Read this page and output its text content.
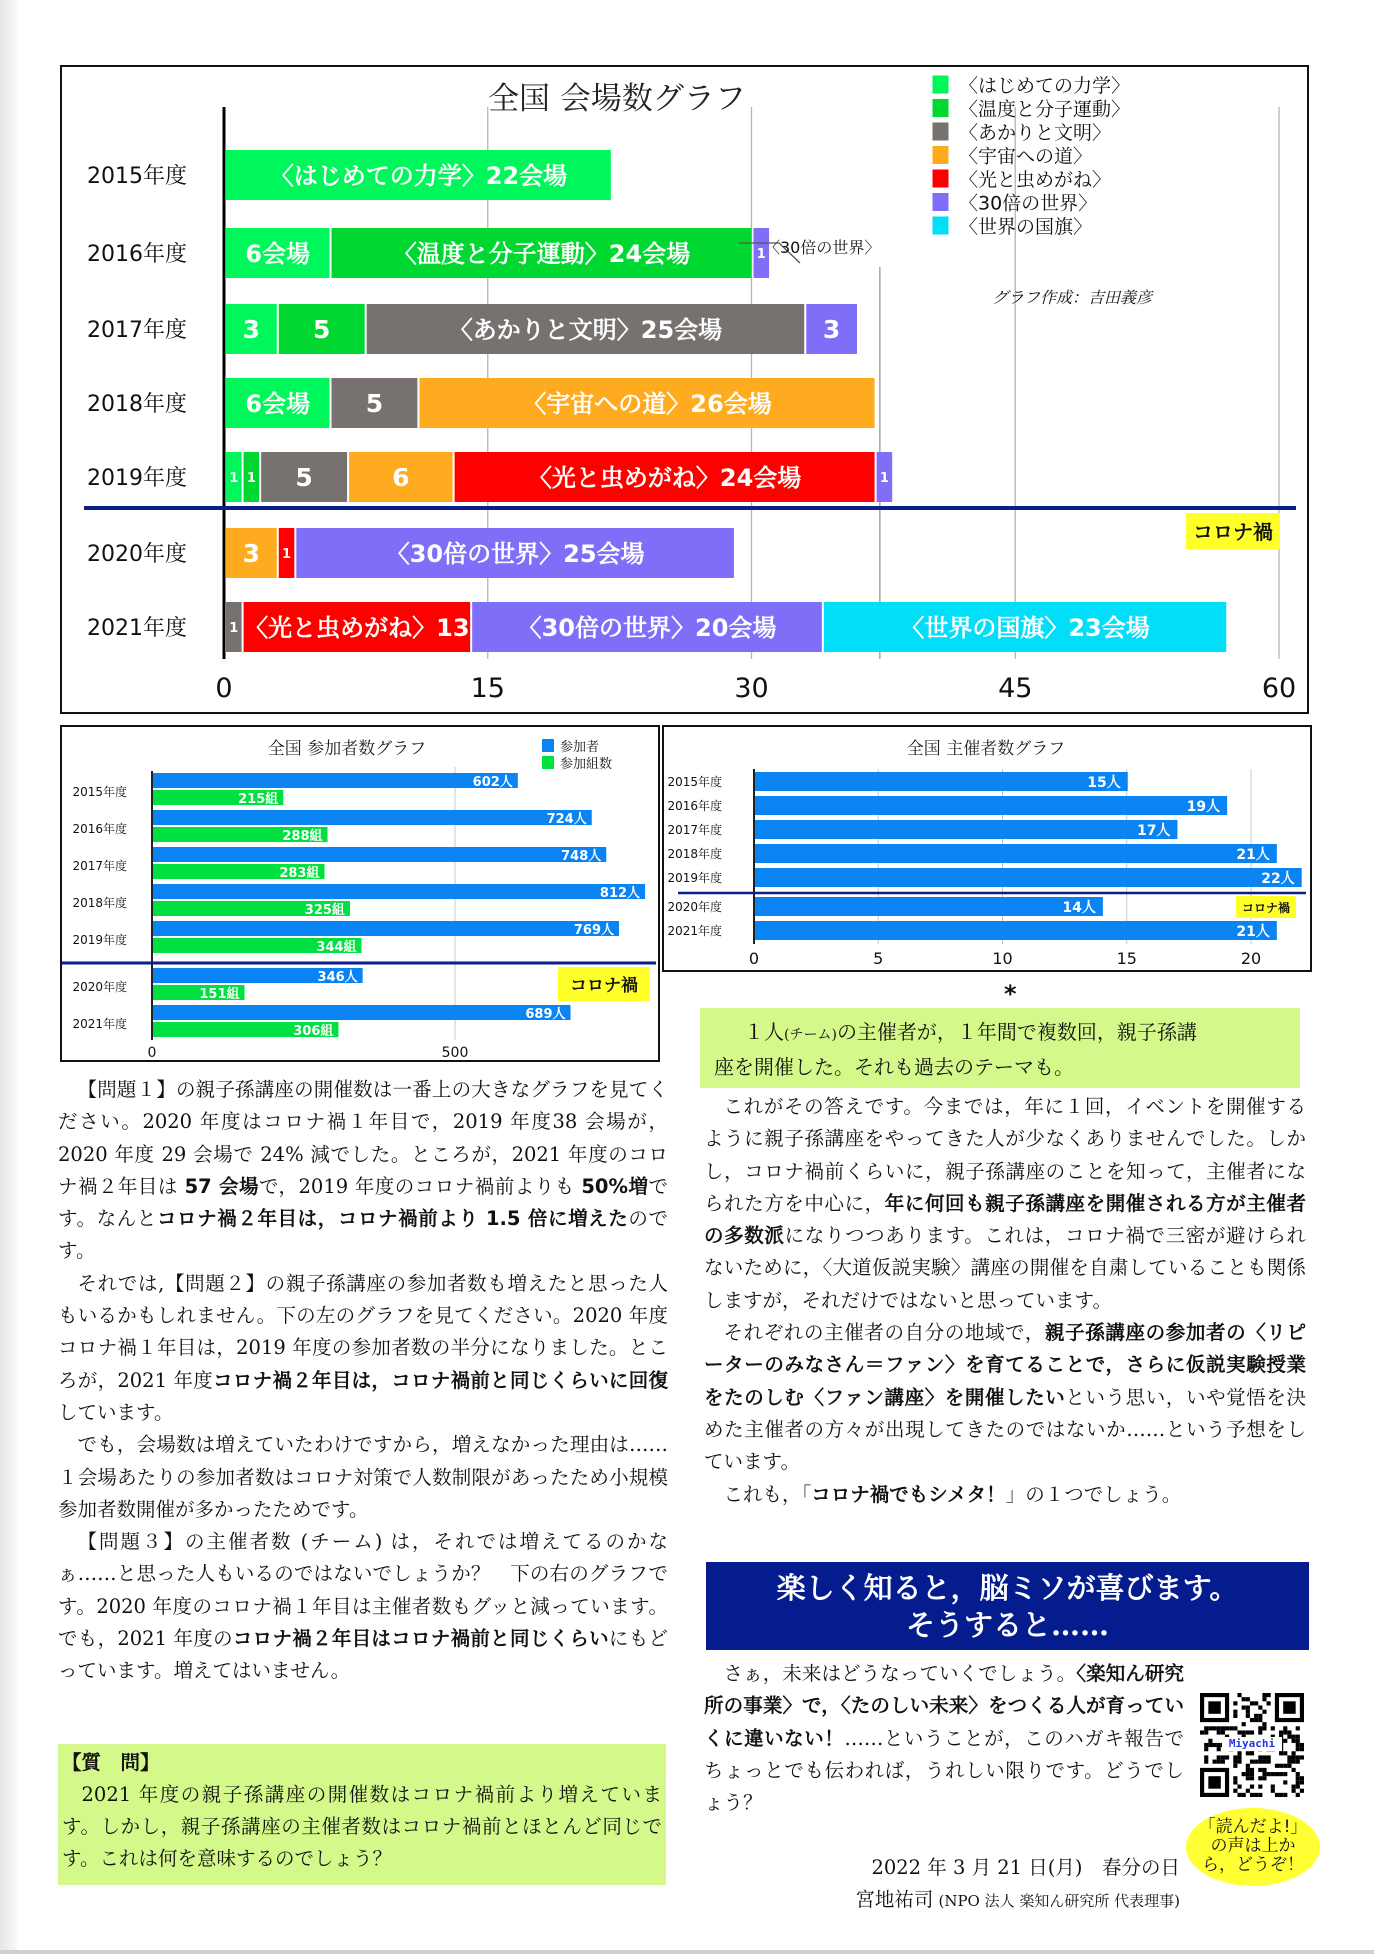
0	15	30	45	60
2015年度	〈はじめての力学〉22会場
2016年度 6会場	〈温度と分子運動〉24会場	1
2017年度 3 5	〈あかりと文明〉25会場	3
2018年度 6会場 5	〈宇宙への道〉26会場
2019年度	1 1 5	6	〈光と虫めがね〉24会場	1
2020年度 3 1	〈30倍の世界〉25会場
2021年度	1 〈光と虫めがね〉13 〈30倍の世界〉20会場	〈世界の国旗〉23会場
〈はじめての力学〉
〈温度と分子運動〉
〈あかりと文明〉
〈宇宙への道〉
〈光と虫めがね〉
〈30倍の世界〉
〈世界の国旗〉
全国 会場数グラフ
グラフ作成：吉田義彦
〈30倍の世界〉
コロナ禍
0	500
2015年度
602人
215組
2016年度
724人
288組
2017年度
748人
283組
2018年度
812人
325組
2019年度
769人
344組
2020年度
346人
151組
2021年度
689人
306組
全国 参加者数グラフ	参加者
参加組数
コロナ禍
0	5	10	15	20
2015年度	15人
2016年度	19人
2017年度	17人
2018年度	21人
2019年度	22人
2020年度	14人
2021年度	21人
全国 主催者数グラフ
コロナ禍
*
１人(チーム)の主催者が，１年間で複数回，親子孫講
座を開催した。それも過去のテーマも。

【問題１】の親子孫講座の開催数は一番上の大きなグラフを見てください。2020 年度はコロナ禍１年目で，2019 年度38 会場が，2020 年度 29 会場で 24% 減でした。ところが，2021 年度のコロナ禍２年目は 57 会場で，2019 年度のコロナ禍前よりも 50%増です。なんとコロナ禍２年目は，コロナ禍前より 1.5 倍に増えたのです。

それでは,【問題２】の親子孫講座の参加者数も増えたと思った人もいるかもしれません。下の左のグラフを見てください。2020 年度コロナ禍１年目は，2019 年度の参加者数の半分になりました。ところが，2021 年度コロナ禍２年目は，コロナ禍前と同じくらいに回復しています。

でも，会場数は増えていたわけですから，増えなかった理由は……１会場あたりの参加者数はコロナ対策で人数制限があったため小規模参加者数開催が多かったためです。

【問題３】の主催者数 (チーム) は，それでは増えてるのかなぁ……と思った人もいるのではないでしょうか？　下の右のグラフです。2020 年度のコロナ禍１年目は主催者数もグッと減っています。でも，2021 年度のコロナ禍２年目はコロナ禍前と同じくらいにもどっています。増えてはいません。

【質　問】
2021 年度の親子孫講座の開催数はコロナ禍前より増えています。しかし，親子孫講座の主催者数はコロナ禍前とほとんど同じです。これは何を意味するのでしょう？

これがその答えです。今までは，年に１回，イベントを開催するように親子孫講座をやってきた人が少なくありませんでした。しかし，コロナ禍前くらいに，親子孫講座のことを知って，主催者になられた方を中心に，年に何回も親子孫講座を開催される方が主催者の多数派になりつつあります。これは，コロナ禍で三密が避けられないために，〈大道仮説実験〉講座の開催を自粛していることも関係しますが，それだけではないと思っています。

それぞれの主催者の自分の地域で，親子孫講座の参加者の〈リピーターのみなさん＝ファン〉を育てることで，さらに仮説実験授業をたのしむ〈ファン講座〉を開催したいという思い，いや覚悟を決めた主催者の方々が出現してきたのではないか……という予想をしています。

これも，「コロナ禍でもシメタ！」の１つでしょう。

楽しく知ると，脳ミソが喜びます。
そうすると……

さぁ，未来はどうなっていくでしょう。〈楽知ん研究所の事業〉で，〈たのしい未来〉をつくる人が育っていくに違いない！……ということが，このハガキ報告でちょっとでも伝われば，うれしい限りです。どうでしょう？

2022 年 3 月 21 日(月)　春分の日
宮地祐司 (NPO 法人 楽知ん研究所 代表理事)
Miyachi
「読んだよ!」
の声は上か
ら，どうぞ！
